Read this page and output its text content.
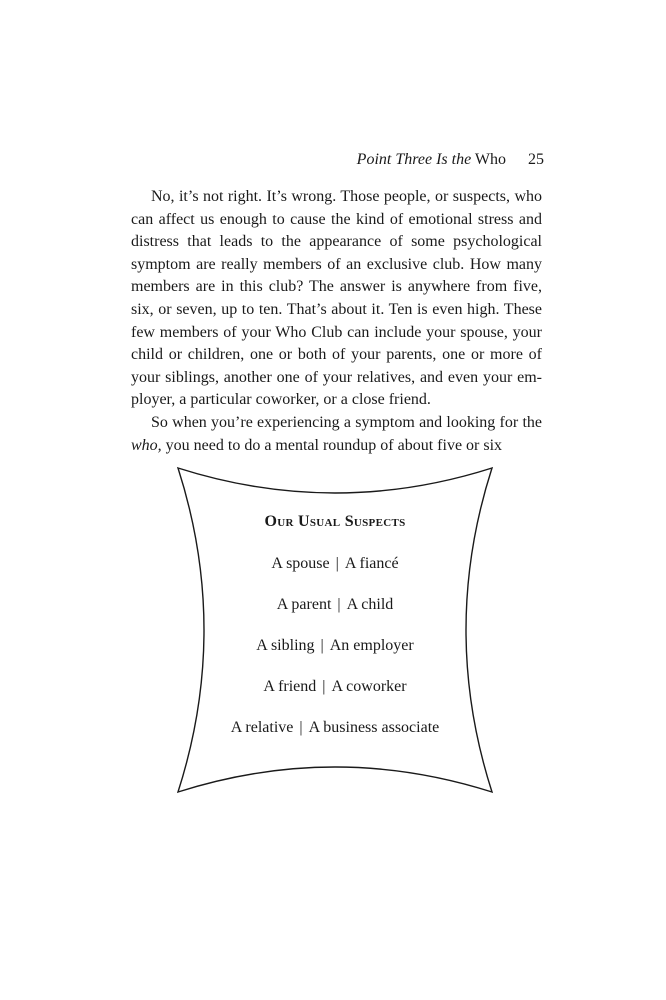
Point Three Is the Who 25

No, it’s not right. It’s wrong. Those people, or suspects, who can affect us enough to cause the kind of emotional stress and distress that leads to the appearance of some psychological symptom are really members of an exclusive club. How many members are in this club? The answer is anywhere from five, six, or seven, up to ten. That’s about it. Ten is even high. These few members of your Who Club can include your spouse, your child or children, one or both of your parents, one or more of your siblings, another one of your relatives, and even your em-ployer, a particular coworker, or a close friend.

So when you’re experiencing a symptom and looking for the who, you need to do a mental roundup of about five or six

Our Usual Suspects
A spouse | A fiancé
A parent | A child
A sibling | An employer
A friend | A coworker
A relative | A business associate
